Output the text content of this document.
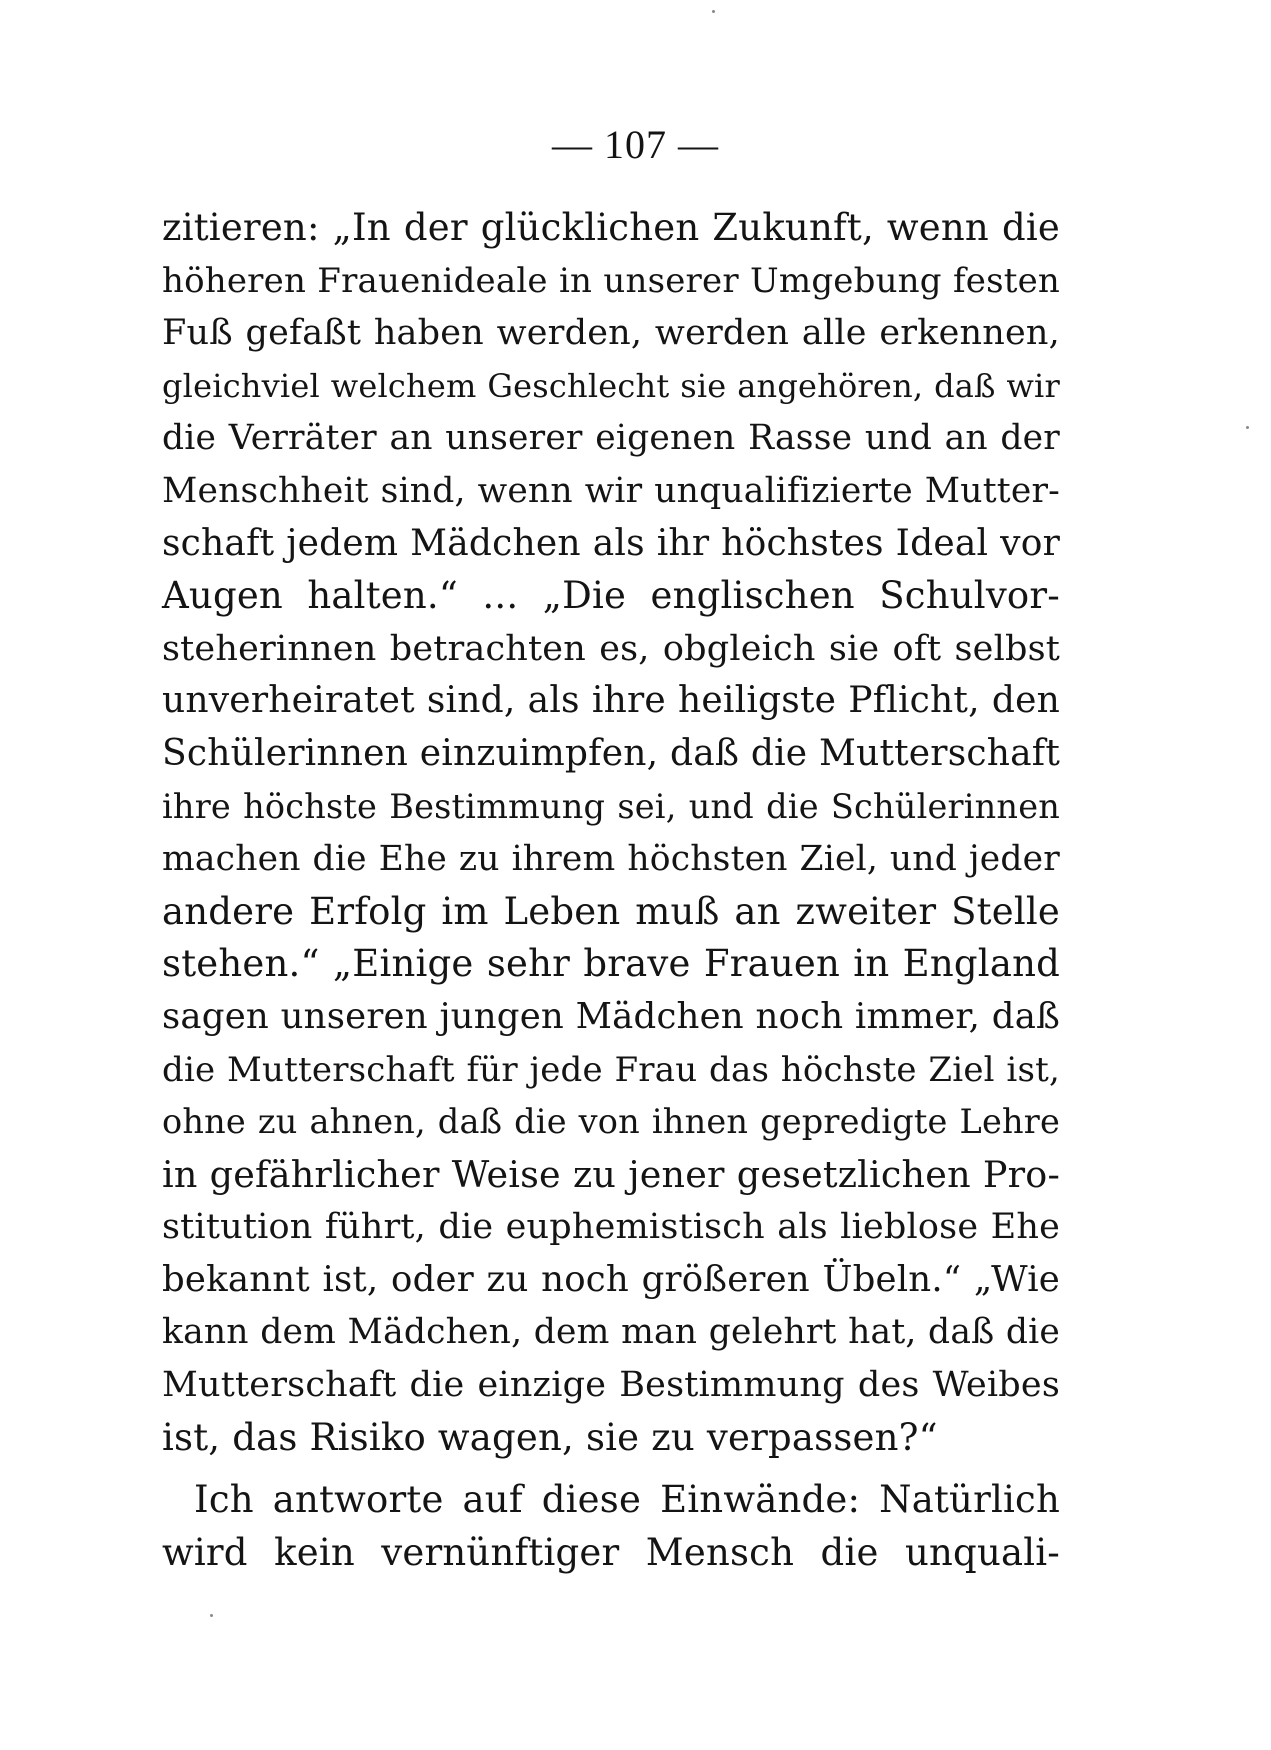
— 107 —
zitieren: „In der glücklichen Zukunft, wenn die
höheren Frauenideale in unserer Umgebung festen
Fuß gefaßt haben werden, werden alle erkennen,
gleichviel welchem Geschlecht sie angehören, daß wir
die Verräter an unserer eigenen Rasse und an der
Menschheit sind, wenn wir unqualifizierte Mutter-
schaft jedem Mädchen als ihr höchstes Ideal vor
Augen halten.“ ... „Die englischen Schulvor-
steherinnen betrachten es, obgleich sie oft selbst
unverheiratet sind, als ihre heiligste Pflicht, den
Schülerinnen einzuimpfen, daß die Mutterschaft
ihre höchste Bestimmung sei, und die Schülerinnen
machen die Ehe zu ihrem höchsten Ziel, und jeder
andere Erfolg im Leben muß an zweiter Stelle
stehen.“ „Einige sehr brave Frauen in England
sagen unseren jungen Mädchen noch immer, daß
die Mutterschaft für jede Frau das höchste Ziel ist,
ohne zu ahnen, daß die von ihnen gepredigte Lehre
in gefährlicher Weise zu jener gesetzlichen Pro-
stitution führt, die euphemistisch als lieblose Ehe
bekannt ist, oder zu noch größeren Übeln.“ „Wie
kann dem Mädchen, dem man gelehrt hat, daß die
Mutterschaft die einzige Bestimmung des Weibes
ist, das Risiko wagen, sie zu verpassen?“
Ich antworte auf diese Einwände: Natürlich
wird kein vernünftiger Mensch die unquali-
